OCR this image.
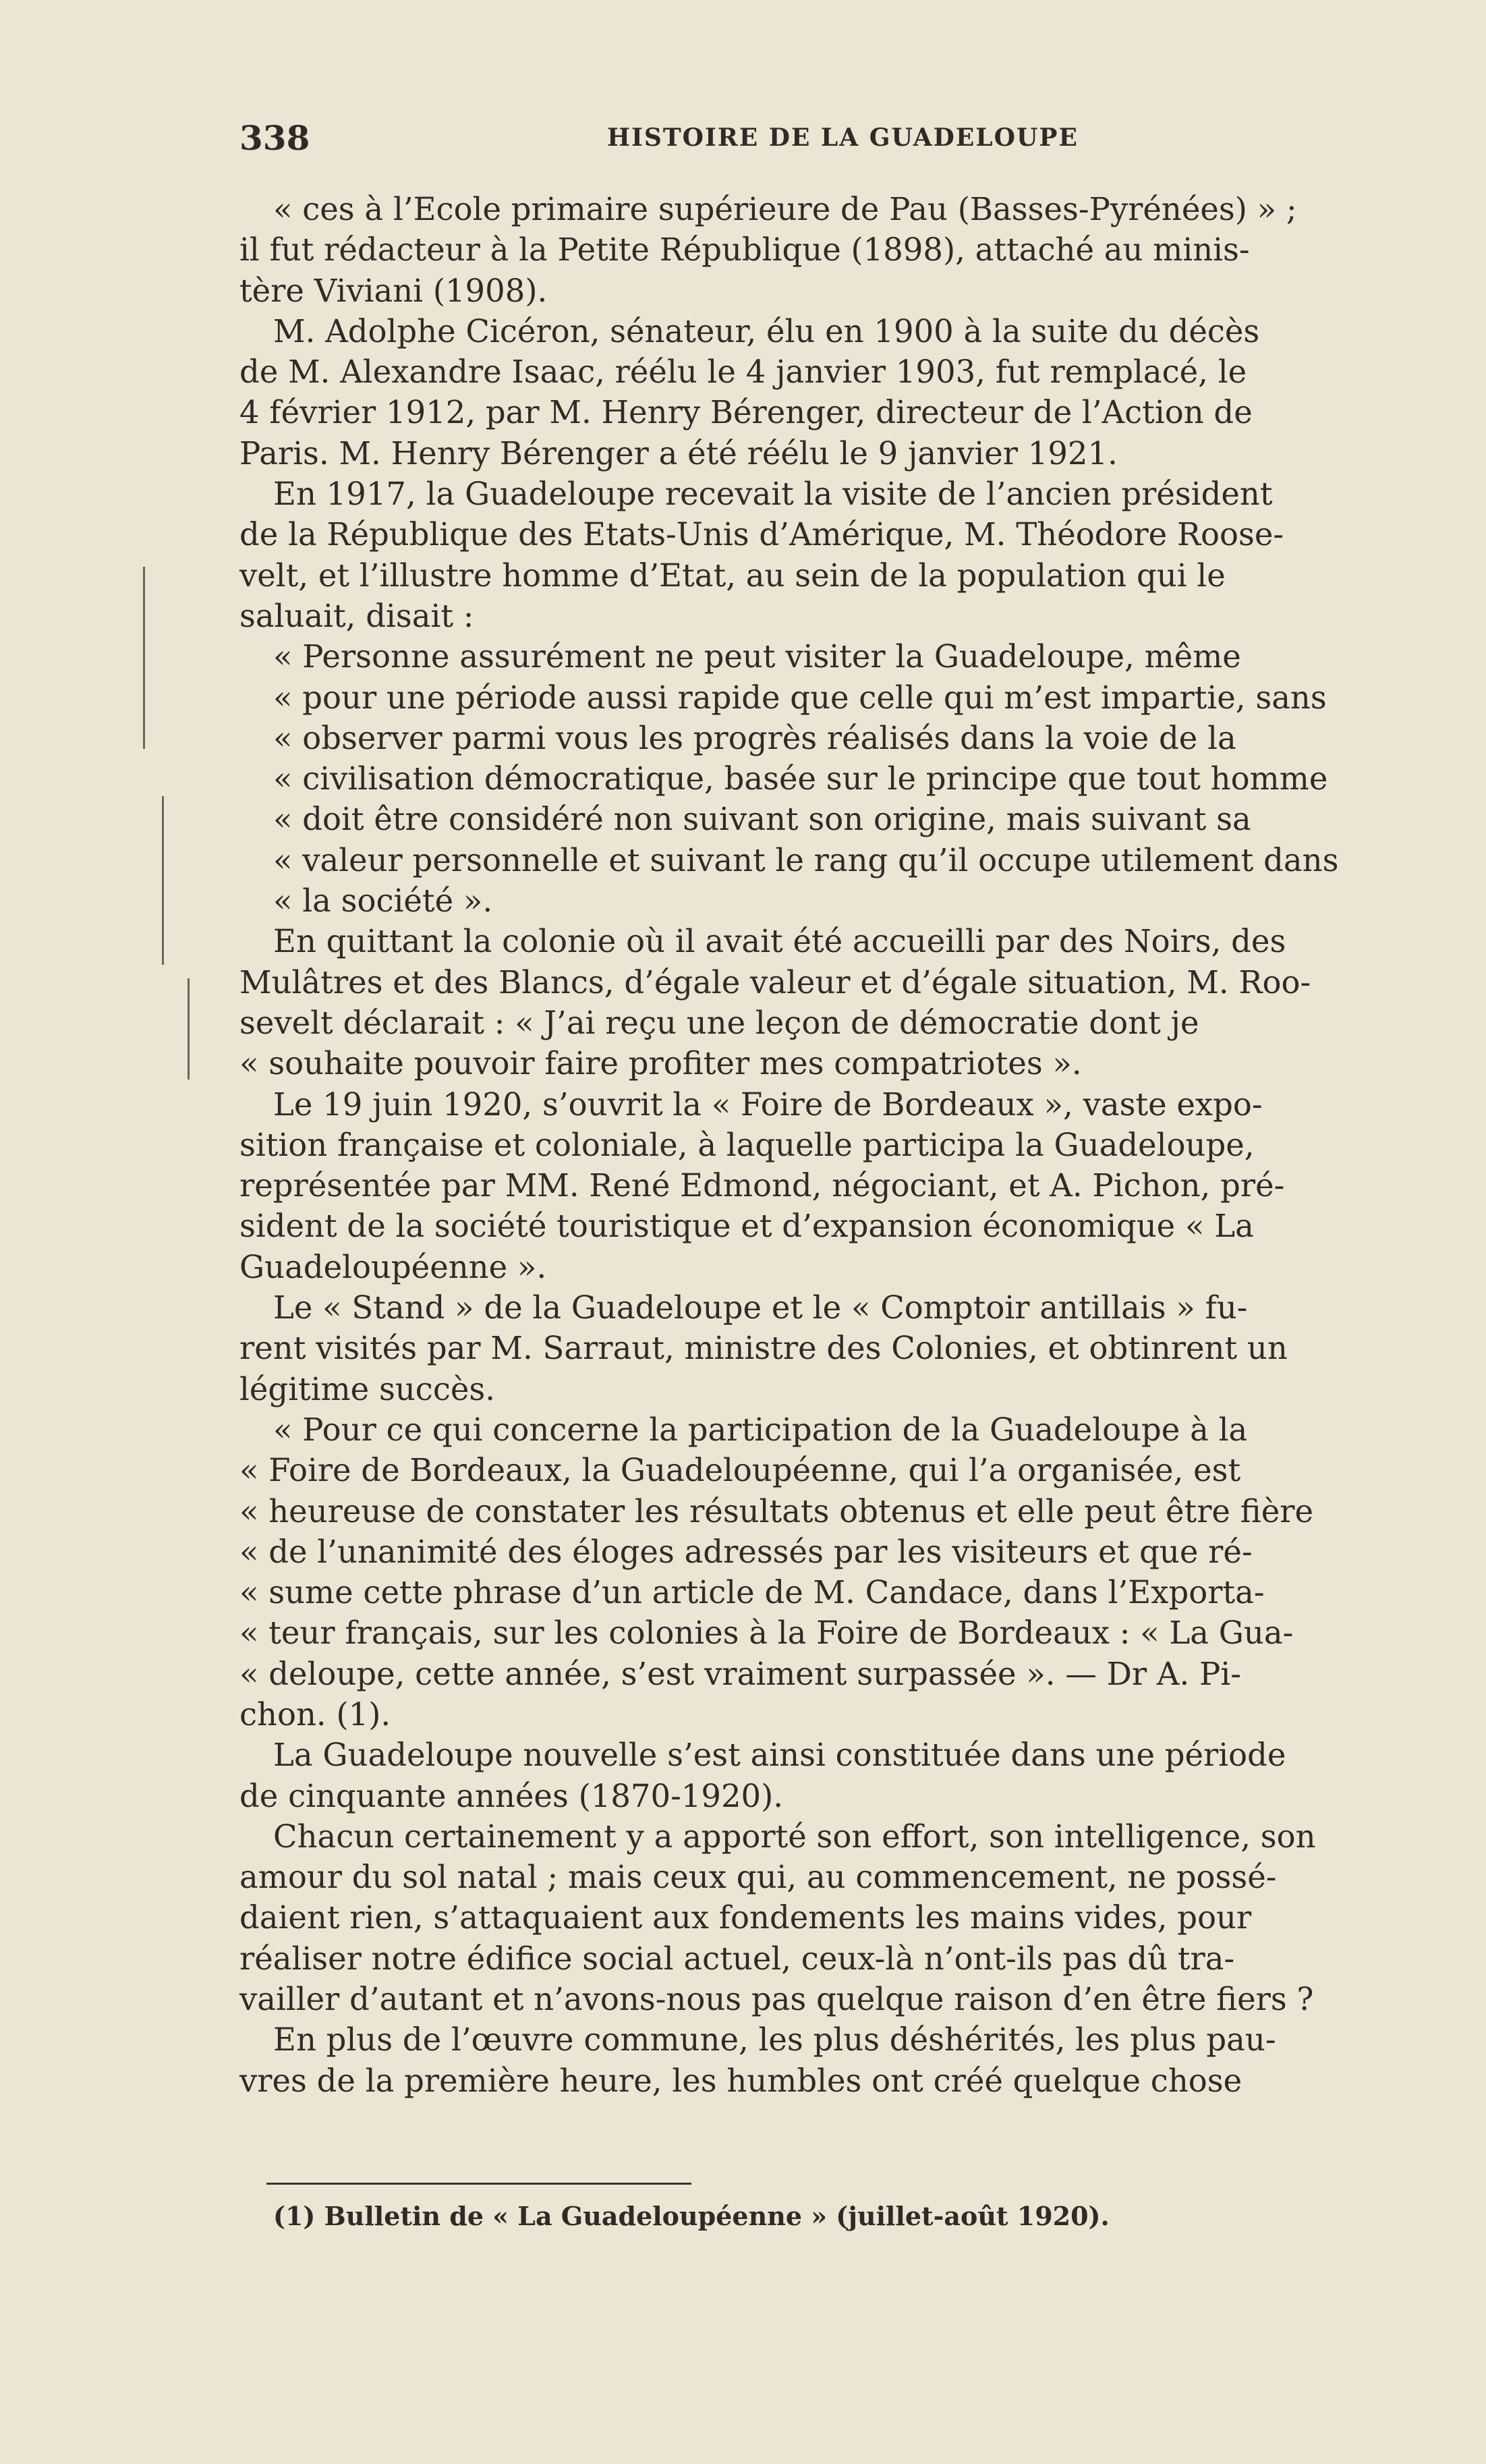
338	HISTOIRE DE LA GUADELOUPE
« ces à l’Ecole primaire supérieure de Pau (Basses-Pyrénées) » ;
il fut rédacteur à la Petite République (1898), attaché au minis-
tère Viviani (1908).
M. Adolphe Cicéron, sénateur, élu en 1900 à la suite du décès
de M. Alexandre Isaac, réélu le 4 janvier 1903, fut remplacé, le
4 février 1912, par M. Henry Bérenger, directeur de l’Action de
Paris. M. Henry Bérenger a été réélu le 9 janvier 1921.
En 1917, la Guadeloupe recevait la visite de l’ancien président
de la République des Etats-Unis d’Amérique, M. Théodore Roose-
velt, et l’illustre homme d’Etat, au sein de la population qui le
saluait, disait :
« Personne assurément ne peut visiter la Guadeloupe, même
« pour une période aussi rapide que celle qui m’est impartie, sans
« observer parmi vous les progrès réalisés dans la voie de la
« civilisation démocratique, basée sur le principe que tout homme
« doit être considéré non suivant son origine, mais suivant sa
« valeur personnelle et suivant le rang qu’il occupe utilement dans
« la société ».
En quittant la colonie où il avait été accueilli par des Noirs, des
Mulâtres et des Blancs, d’égale valeur et d’égale situation, M. Roo-
sevelt déclarait : « J’ai reçu une leçon de démocratie dont je
« souhaite pouvoir faire profiter mes compatriotes ».
Le 19 juin 1920, s’ouvrit la « Foire de Bordeaux », vaste expo-
sition française et coloniale, à laquelle participa la Guadeloupe,
représentée par MM. René Edmond, négociant, et A. Pichon, pré-
sident de la société touristique et d’expansion économique « La
Guadeloupéenne ».
Le « Stand » de la Guadeloupe et le « Comptoir antillais » fu-
rent visités par M. Sarraut, ministre des Colonies, et obtinrent un
légitime succès.
« Pour ce qui concerne la participation de la Guadeloupe à la
« Foire de Bordeaux, la Guadeloupéenne, qui l’a organisée, est
« heureuse de constater les résultats obtenus et elle peut être fière
« de l’unanimité des éloges adressés par les visiteurs et que ré-
« sume cette phrase d’un article de M. Candace, dans l’Exporta-
« teur français, sur les colonies à la Foire de Bordeaux : « La Gua-
« deloupe, cette année, s’est vraiment surpassée ». — Dr A. Pi-
chon. (1).
La Guadeloupe nouvelle s’est ainsi constituée dans une période
de cinquante années (1870-1920).
Chacun certainement y a apporté son effort, son intelligence, son
amour du sol natal ; mais ceux qui, au commencement, ne possé-
daient rien, s’attaquaient aux fondements les mains vides, pour
réaliser notre édifice social actuel, ceux-là n’ont-ils pas dû tra-
vailler d’autant et n’avons-nous pas quelque raison d’en être fiers ?
En plus de l’œuvre commune, les plus déshérités, les plus pau-
vres de la première heure, les humbles ont créé quelque chose
(1) Bulletin de « La Guadeloupéenne » (juillet-août 1920).
